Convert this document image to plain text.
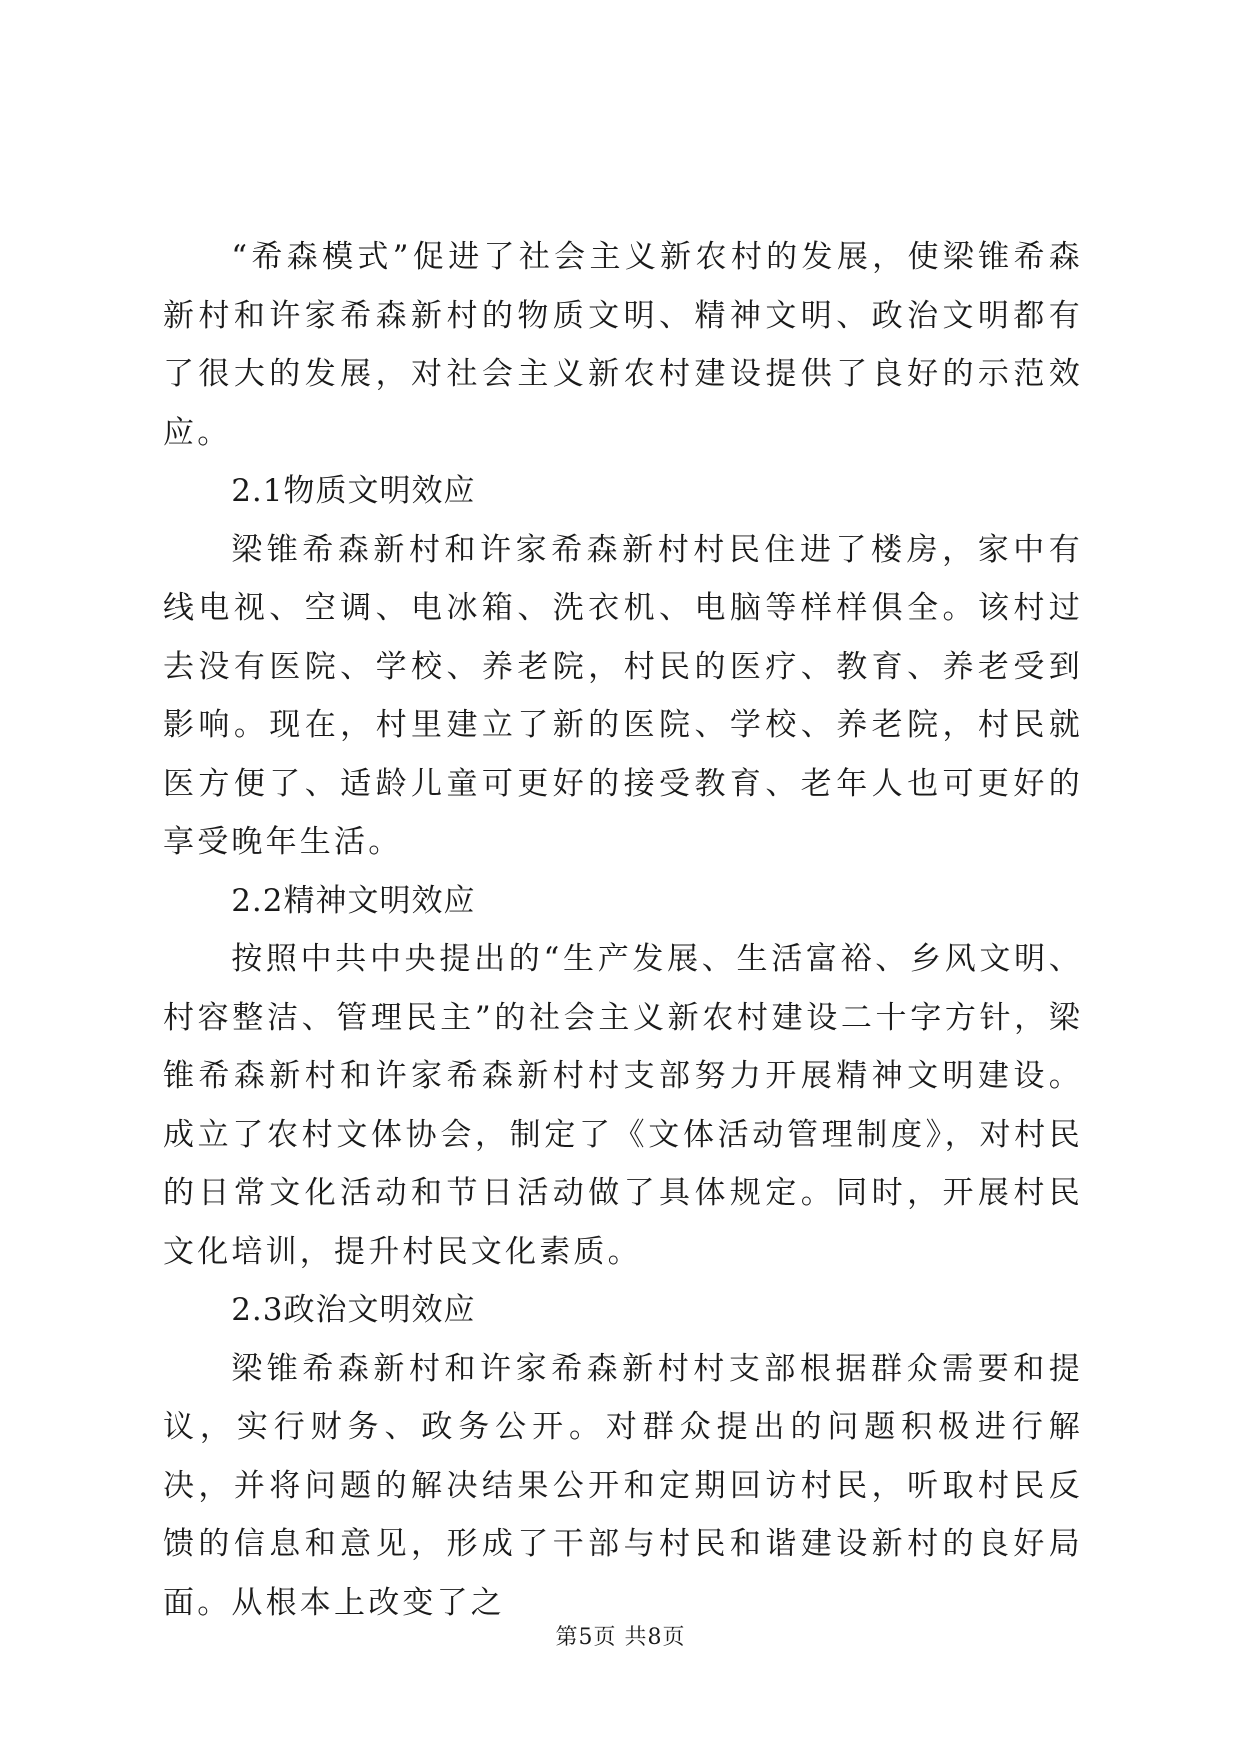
“希森模式”促进了社会主义新农村的发展，使梁锥希森新村和许家希森新村的物质文明、精神文明、政治文明都有了很大的发展，对社会主义新农村建设提供了良好的示范效应。

2.1物质文明效应

梁锥希森新村和许家希森新村村民住进了楼房，家中有线电视、空调、电冰箱、洗衣机、电脑等样样俱全。该村过去没有医院、学校、养老院，村民的医疗、教育、养老受到影响。现在，村里建立了新的医院、学校、养老院，村民就医方便了、适龄儿童可更好的接受教育、老年人也可更好的享受晚年生活。

2.2精神文明效应

按照中共中央提出的“生产发展、生活富裕、乡风文明、村容整洁、管理民主”的社会主义新农村建设二十字方针，梁锥希森新村和许家希森新村村支部努力开展精神文明建设。成立了农村文体协会，制定了《文体活动管理制度》，对村民的日常文化活动和节日活动做了具体规定。同时，开展村民文化培训，提升村民文化素质。

2.3政治文明效应

梁锥希森新村和许家希森新村村支部根据群众需要和提议，实行财务、政务公开。对群众提出的问题积极进行解决，并将问题的解决结果公开和定期回访村民，听取村民反馈的信息和意见，形成了干部与村民和谐建设新村的良好局面。从根本上改变了之

第5页 共8页
